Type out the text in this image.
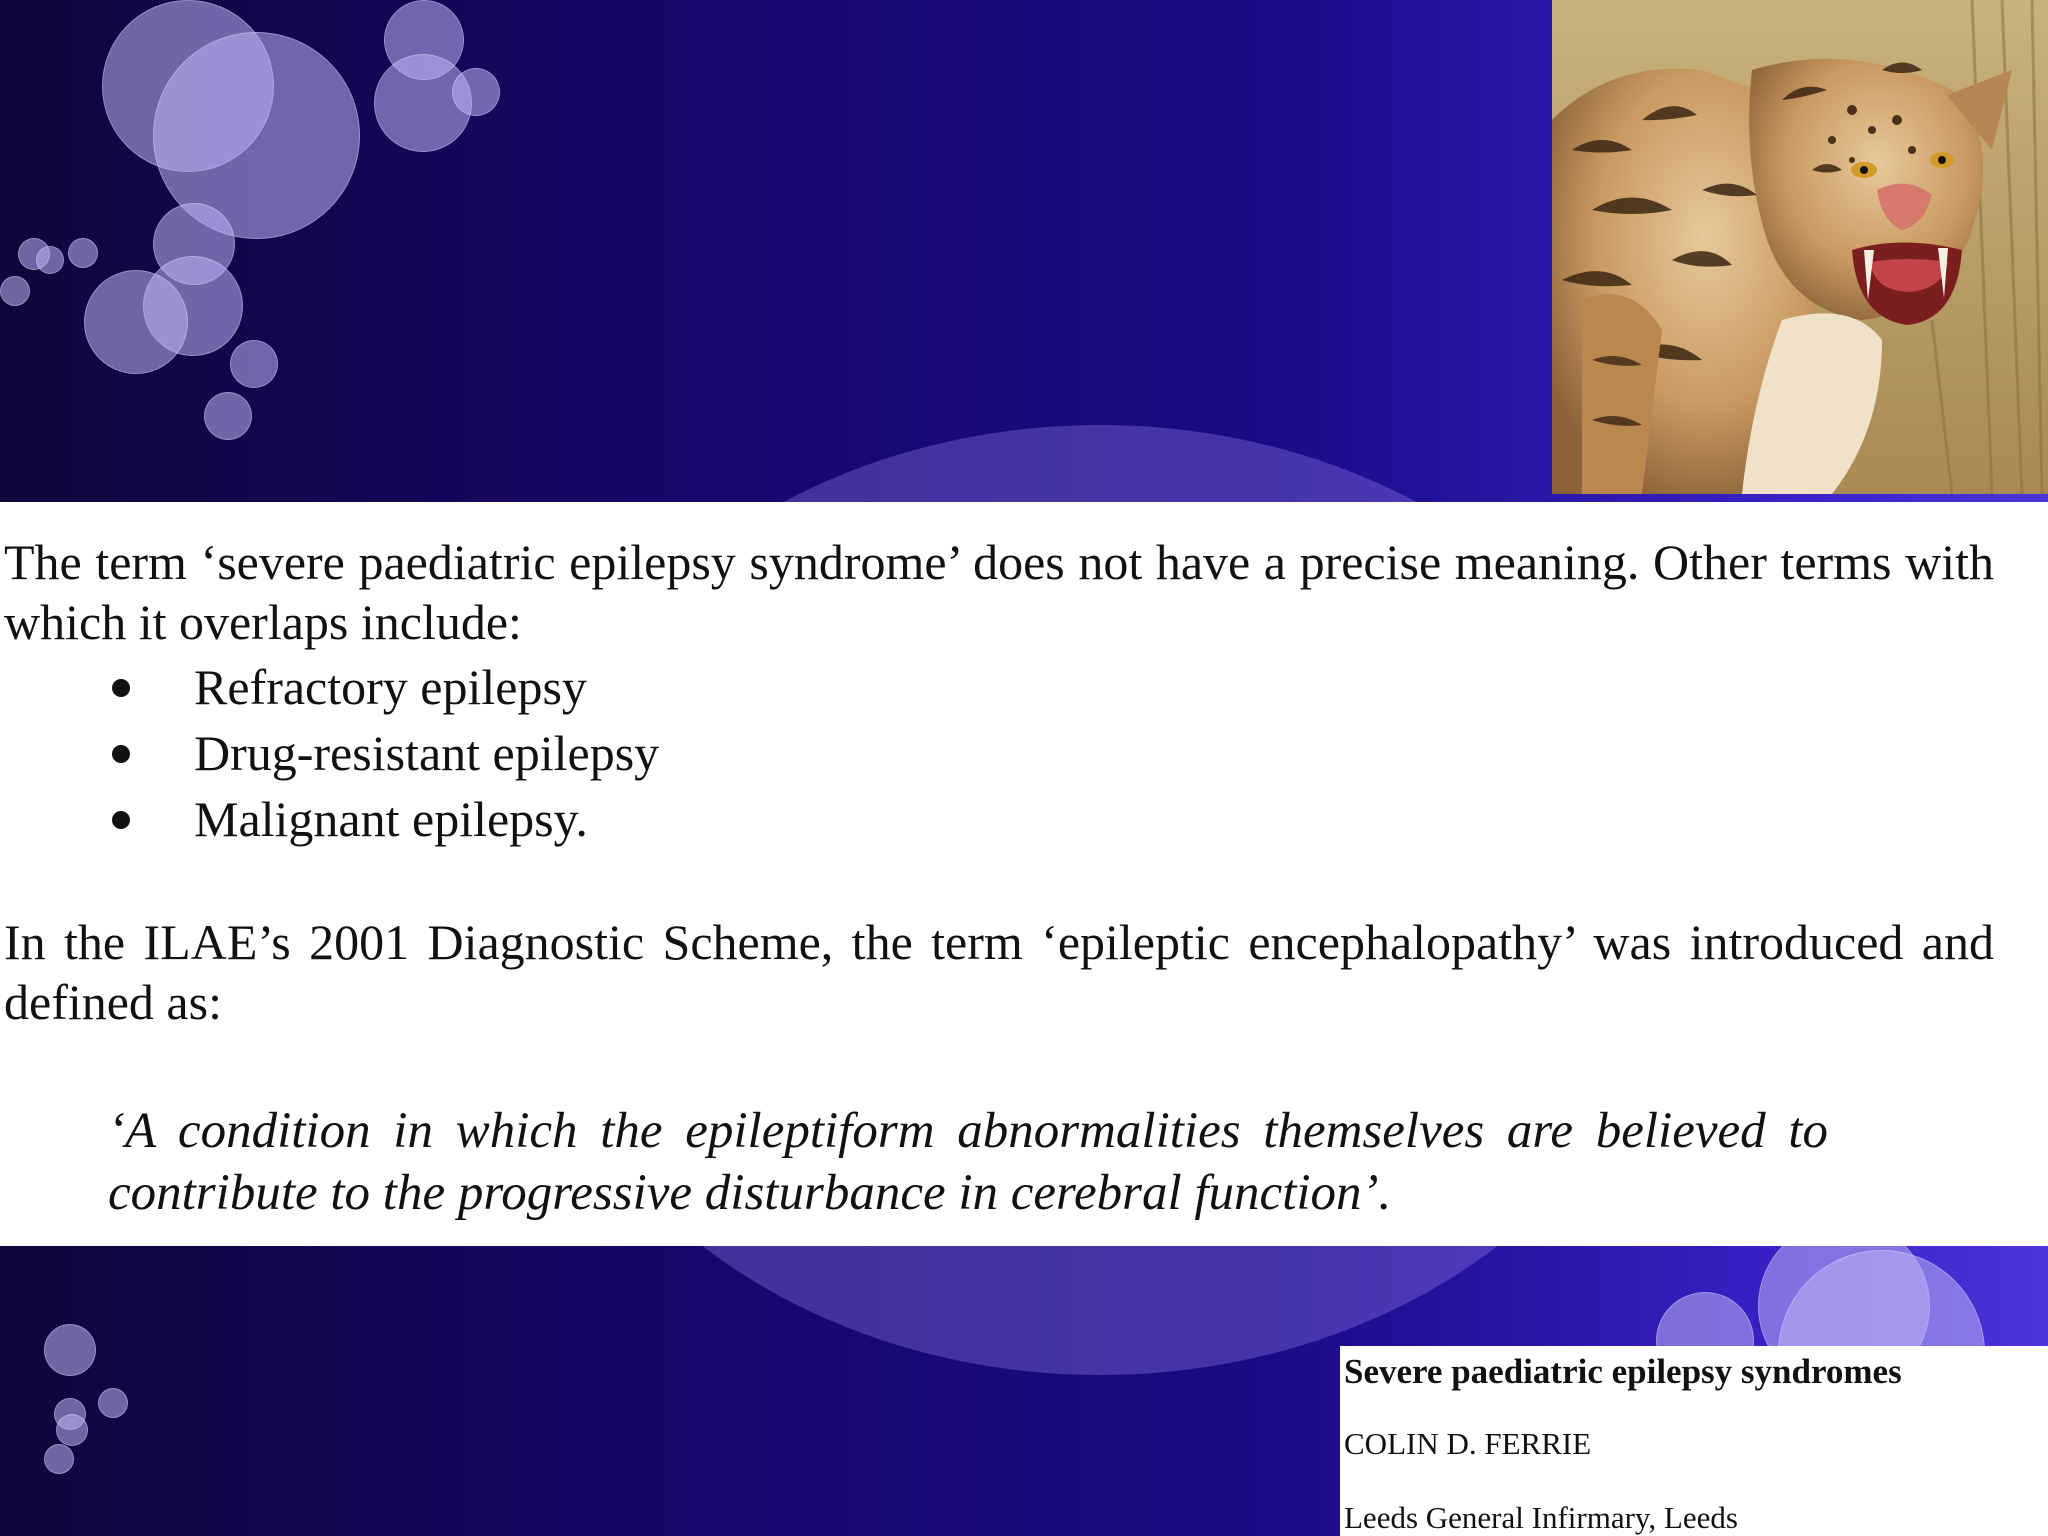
The term ‘severe paediatric epilepsy syndrome’ does not have a precise meaning. Other terms with which it overlaps include:

Refractory epilepsy
Drug-resistant epilepsy
Malignant epilepsy.

In the ILAE’s 2001 Diagnostic Scheme, the term ‘epileptic encephalopathy’ was introduced and defined as:

‘A condition in which the epileptiform abnormalities themselves are believed to contribute to the progressive disturbance in cerebral function’.

Severe paediatric epilepsy syndromes

COLIN D. FERRIE

Leeds General Infirmary, Leeds
